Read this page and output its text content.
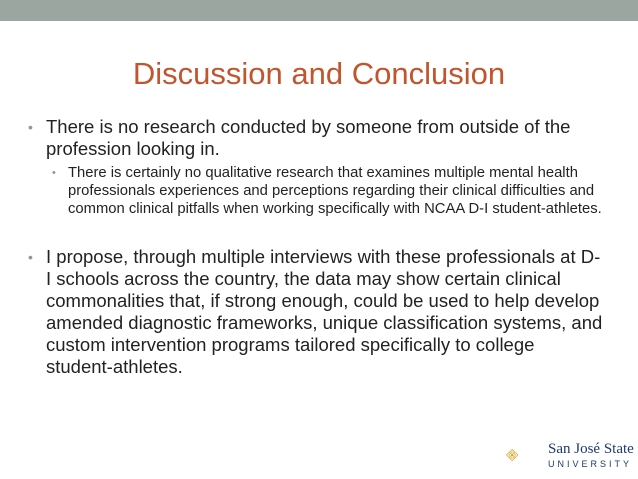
Discussion and Conclusion
• There is no research conducted by someone from outside of the profession looking in.
• There is certainly no qualitative research that examines multiple mental health professionals experiences and perceptions regarding their clinical difficulties and common clinical pitfalls when working specifically with NCAA D-I student-athletes.
• I propose, through multiple interviews with these professionals at D-I schools across the country, the data may show certain clinical commonalities that, if strong enough, could be used to help develop amended diagnostic frameworks, unique classification systems, and custom intervention programs tailored specifically to college student-athletes.
San José State
UNIVERSITY
